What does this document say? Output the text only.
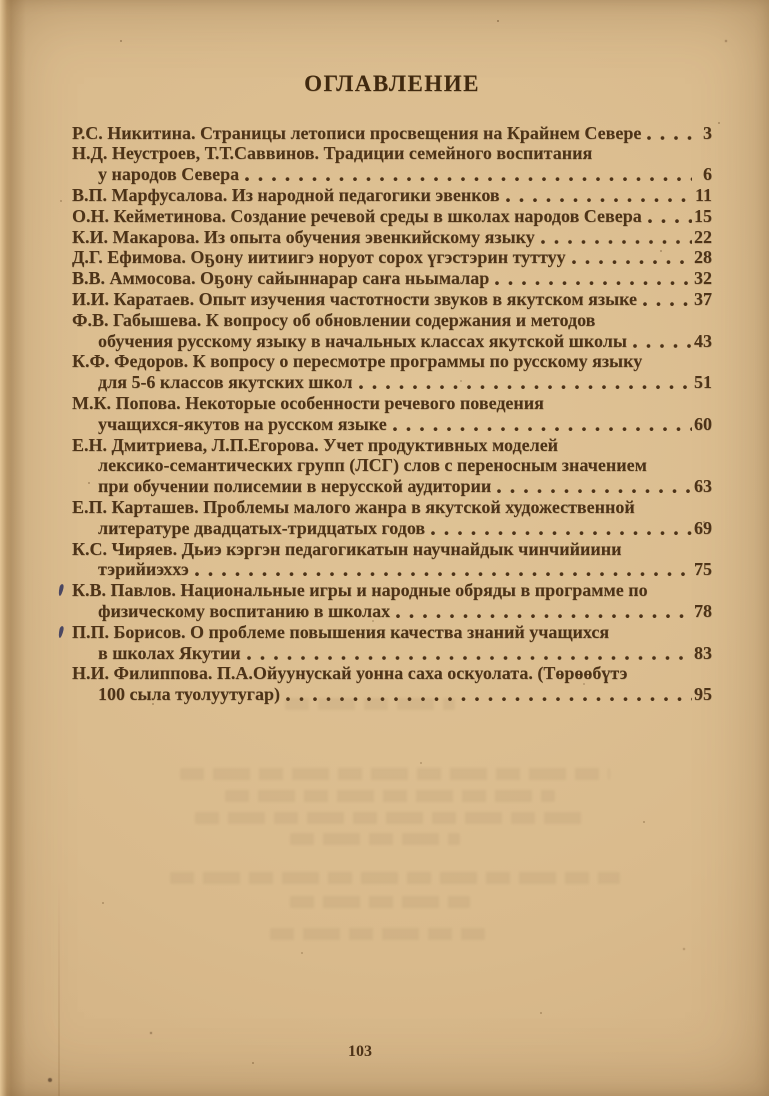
ОГЛАВЛЕНИЕ
Р.С. Никитина. Страницы летописи просвещения на Крайнем Севере	3
Н.Д. Неустроев, Т.Т.Саввинов. Традиции семейного воспитания
у народов Севера	6
В.П. Марфусалова. Из народной педагогики эвенков	11
О.Н. Кейметинова. Создание речевой среды в школах народов Севера	15
К.И. Макарова. Из опыта обучения эвенкийскому языку	22
Д.Г. Ефимова. Оҕону иитиигэ норуот сорох үгэстэрин туттуу	28
В.В. Аммосова. Оҕону сайыннарар саҥа ньымалар	32
И.И. Каратаев. Опыт изучения частотности звуков в якутском языке	37
Ф.В. Габышева. К вопросу об обновлении содержания и методов
обучения русскому языку в начальных классах якутской школы	43
К.Ф. Федоров. К вопросу о пересмотре программы по русскому языку
для 5-6 классов якутских школ	51
М.К. Попова. Некоторые особенности речевого поведения
учащихся-якутов на русском языке	60
Е.Н. Дмитриева, Л.П.Егорова. Учет продуктивных моделей
лексико-семантических групп (ЛСГ) слов с переносным значением
при обучении полисемии в нерусской аудитории	63
Е.П. Карташев. Проблемы малого жанра в якутской художественной
литературе двадцатых-тридцатых годов	69
К.С. Чиряев. Дьиэ кэргэн педагогикатын научнайдык чинчийиини
тэрийиэххэ	75
К.В. Павлов. Национальные игры и народные обряды в программе по
физическому воспитанию в школах	78
П.П. Борисов. О проблеме повышения качества знаний учащихся
в школах Якутии	83
Н.И. Филиппова. П.А.Ойуунускай уонна саха оскуолата. (Төрөөбүтэ
100 сыла туолуутугар)	95
103
